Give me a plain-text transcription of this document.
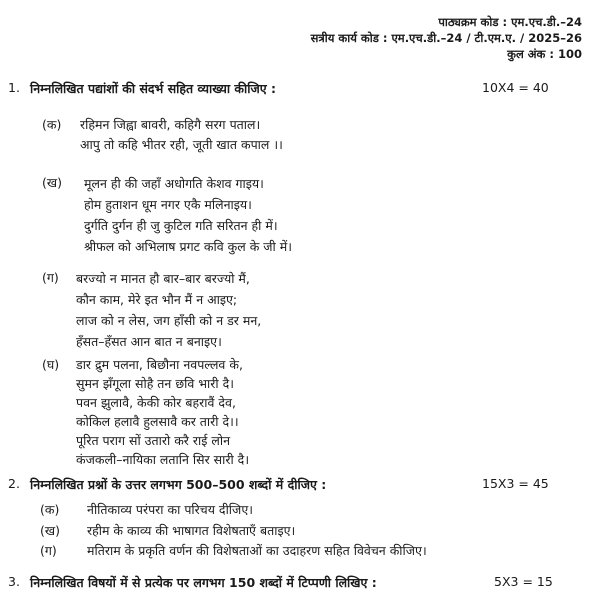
पाठ्यक्रम कोड : एम.एच.डी.–24
सत्रीय कार्य कोड : एम.एच.डी.–24 / टी.एम.ए. / 2025–26
कुल अंक : 100
1. निम्नलिखित पद्यांशों की संदर्भ सहित व्याख्या कीजिए :	10X4 = 40
(क) रहिमन जिह्वा बावरी, कहिगै सरग पताल।
आपु तो कहि भीतर रही, जूती खात कपाल ।।
(ख) मूलन ही की जहाँ अधोगति केशव गाइय।
होम हुताशन धूम नगर एकै मलिनाइय।
दुर्गति दुर्गन ही जु कुटिल गति सरितन ही में।
श्रीफल को अभिलाष प्रगट कवि कुल के जी में।
(ग) बरज्यो न मानत हौ बार–बार बरज्यो मैं,
कौन काम, मेरे इत भौन मैं न आइए;
लाज को न लेस, जग हाँसी को न डर मन,
हँसत–हँसत आन बात न बनाइए।
(घ) डार द्रुम पलना, बिछौना नवपल्लव के,
सुमन झँगूला सोहै तन छवि भारी दै।
पवन झुलावै, केकी कोर बहरावैं देव,
कोकिल हलावै हुलसावै कर तारी दे।।
पूरित पराग सों उतारो करै राई लोन
कंजकली–नायिका लतानि सिर सारी दै।
2. निम्नलिखित प्रश्नों के उत्तर लगभग 500–500 शब्दों में दीजिए :	15X3 = 45
(क)	नीतिकाव्य परंपरा का परिचय दीजिए।
(ख)	रहीम के काव्य की भाषागत विशेषताएँ बताइए।
(ग)	मतिराम के प्रकृति वर्णन की विशेषताओं का उदाहरण सहित विवेचन कीजिए।
3. निम्नलिखित विषयों में से प्रत्येक पर लगभग 150 शब्दों में टिप्पणी लिखिए :	5X3 = 15
